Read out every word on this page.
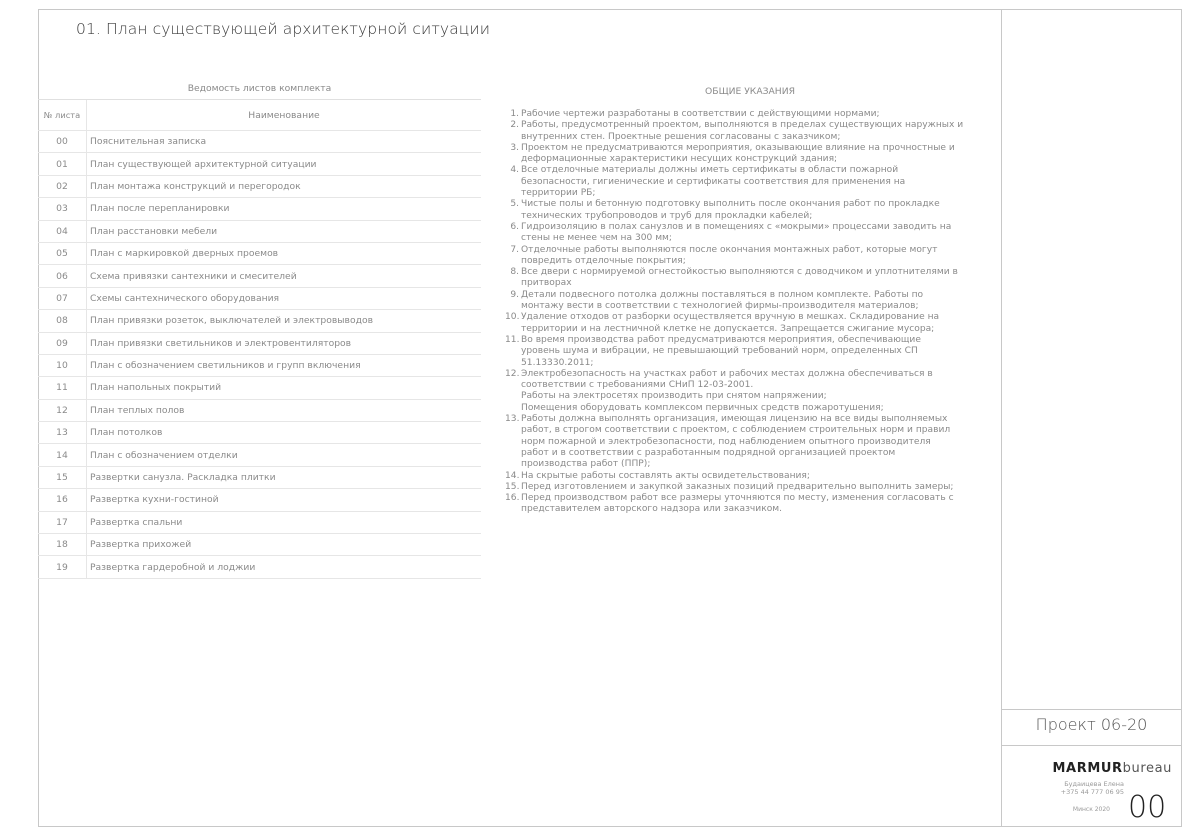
01. План существующей архитектурной ситуации
Ведомость листов комплекта	
№ листа	Наименование
00	Пояснительная записка
01	План существующей архитектурной ситуации
02	План монтажа конструкций и перегородок
03	План после перепланировки
04	План расстановки мебели
05	План с маркировкой дверных проемов
06	Схема привязки сантехники и смесителей
07	Схемы сантехнического оборудования
08	План привязки розеток, выключателей и электровыводов
09	План привязки светильников и электровентиляторов
10	План с обозначением светильников и групп включения
11	План напольных покрытий
12	План теплых полов
13	План потолков
14	План с обозначением отделки
15	Развертки санузла. Раскладка плитки
16	Развертка кухни-гостиной
17	Развертка спальни
18	Развертка прихожей
19	Развертка гардеробной и лоджии
ОБЩИЕ УКАЗАНИЯ
1. Рабочие чертежи разработаны в соответствии с действующими нормами;
2. Работы, предусмотренный проектом, выполняются в пределах существующих наружных и
внутренних стен. Проектные решения согласованы с заказчиком;
3. Проектом не предусматриваются мероприятия, оказывающие влияние на прочностные и
деформационные характеристики несущих конструкций здания;
4. Все отделочные материалы должны иметь сертификаты в области пожарной
безопасности, гигиенические и сертификаты соответствия для применения на
территории РБ;
5. Чистые полы и бетонную подготовку выполнить после окончания работ по прокладке
технических трубопроводов и труб для прокладки кабелей;
6. Гидроизоляцию в полах санузлов и в помещениях с «мокрыми» процессами заводить на
стены не менее чем на 300 мм;
7. Отделочные работы выполняются после окончания монтажных работ, которые могут
повредить отделочные покрытия;
8. Все двери с нормируемой огнестойкостью выполняются с доводчиком и уплотнителями в
притворах
9. Детали подвесного потолка должны поставляться в полном комплекте. Работы по
монтажу вести в соответствии с технологией фирмы-производителя материалов;
10. Удаление отходов от разборки осуществляется вручную в мешках. Складирование на
территории и на лестничной клетке не допускается. Запрещается сжигание мусора;
11. Во время производства работ предусматриваются мероприятия, обеспечивающие
уровень шума и вибрации, не превышающий требований норм, определенных СП
51.13330.2011;
12. Электробезопасность на участках работ и рабочих местах должна обеспечиваться в
соответствии с требованиями СНиП 12-03-2001.
Работы на электросетях производить при снятом напряжении;
Помещения оборудовать комплексом первичных средств пожаротушения;
13. Работы должна выполнять организация, имеющая лицензию на все виды выполняемых
работ, в строгом соответствии с проектом, с соблюдением строительных норм и правил
норм пожарной и электробезопасности, под наблюдением опытного производителя
работ и в соответствии с разработанным подрядной организацией проектом
производства работ (ППР);
14. На скрытые работы составлять акты освидетельствования;
15. Перед изготовлением и закупкой заказных позиций предварительно выполнить замеры;
16. Перед производством работ все размеры уточняются по месту, изменения согласовать с
представителем авторского надзора или заказчиком.
Проект 06-20
MARMURbureau
Будаицева Елена
+375 44 777 06 95
Минск 2020 00
